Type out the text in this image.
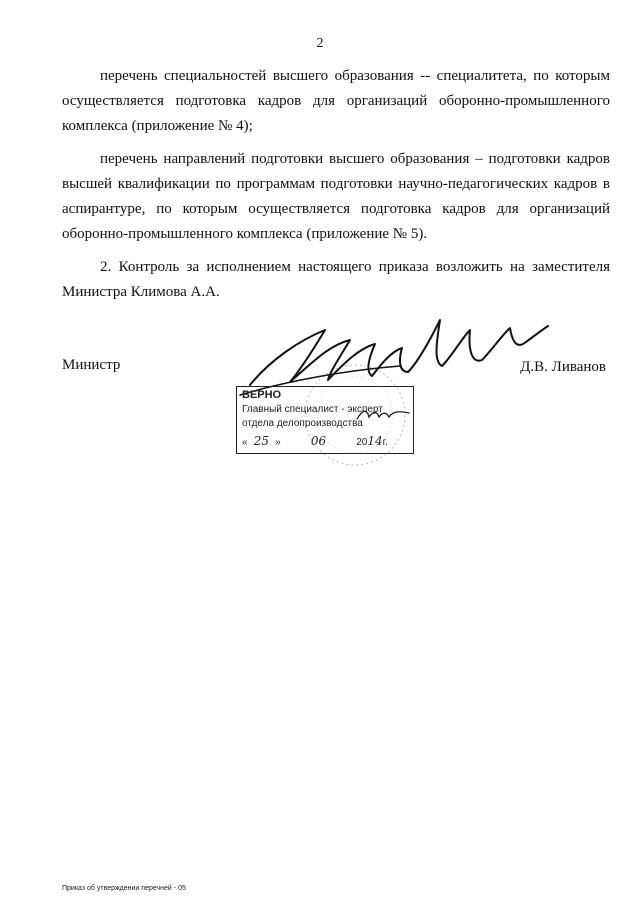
2

перечень специальностей высшего образования -- специалитета, по которым осуществляется подготовка кадров для организаций оборонно-промышленного комплекса (приложение № 4);

перечень направлений подготовки высшего образования – подготовки кадров высшей квалификации по программам подготовки научно-педагогических кадров в аспирантуре, по которым осуществляется подготовка кадров для организаций оборонно-промышленного комплекса (приложение № 5).

2. Контроль за исполнением настоящего приказа возложить на заместителя Министра Климова А.А.

Министр	Д.В. Ливанов
ВЕРНО
Главный специалист - эксперт
отдела делопроизводства
« 25 »	06	2014г.
Приказ об утверждении перечней - 05
